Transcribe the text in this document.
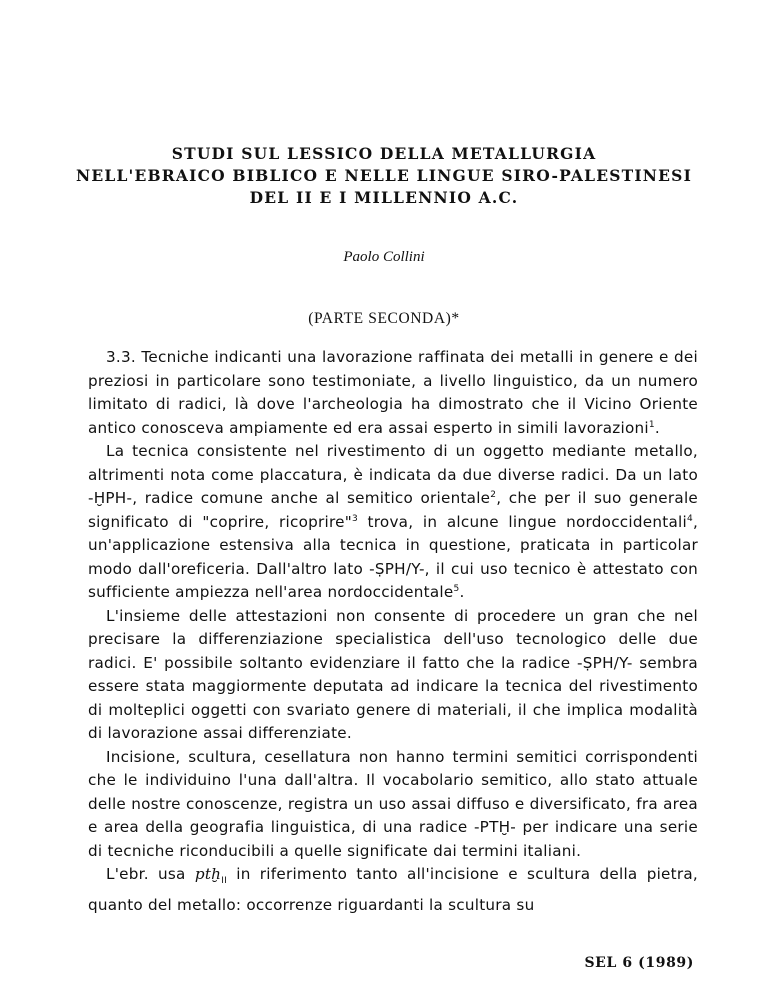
STUDI SUL LESSICO DELLA METALLURGIA
NELL'EBRAICO BIBLICO E NELLE LINGUE SIRO-PALESTINESI
DEL II E I MILLENNIO A.C.
Paolo Collini
(PARTE SECONDA)*

3.3. Tecniche indicanti una lavorazione raffinata dei metalli in genere e dei preziosi in particolare sono testimoniate, a livello linguistico, da un numero limitato di radici, là dove l'archeologia ha dimostrato che il Vicino Oriente antico conosceva ampiamente ed era assai esperto in simili lavorazioni$^1$.

La tecnica consistente nel rivestimento di un oggetto mediante metallo, altrimenti nota come placcatura, è indicata da due diverse radici. Da un lato -ḪPH-, radice comune anche al semitico orientale$^2$, che per il suo generale significato di "coprire, ricoprire"$^3$ trova, in alcune lingue nordoccidentali$^4$, un'applicazione estensiva alla tecnica in questione, praticata in particolar modo dall'oreficeria. Dall'altro lato -ṢPH/Y-, il cui uso tecnico è attestato con sufficiente ampiezza nell'area nordoccidentale$^5$.

L'insieme delle attestazioni non consente di procedere un gran che nel precisare la differenziazione specialistica dell'uso tecnologico delle due radici. E' possibile soltanto evidenziare il fatto che la radice -ṢPH/Y- sembra essere stata maggiormente deputata ad indicare la tecnica del rivestimento di molteplici oggetti con svariato genere di materiali, il che implica modalità di lavorazione assai differenziate.

Incisione, scultura, cesellatura non hanno termini semitici corrispondenti che le individuino l'una dall'altra. Il vocabolario semitico, allo stato attuale delle nostre conoscenze, registra un uso assai diffuso e diversificato, fra area e area della geografia linguistica, di una radice -PTḪ- per indicare una serie di tecniche riconducibili a quelle significate dai termini italiani.

L'ebr. usa ptḫ$_{II}$ in riferimento tanto all'incisione e scultura della pietra, quanto del metallo: occorrenze riguardanti la scultura su

SEL 6 (1989)
